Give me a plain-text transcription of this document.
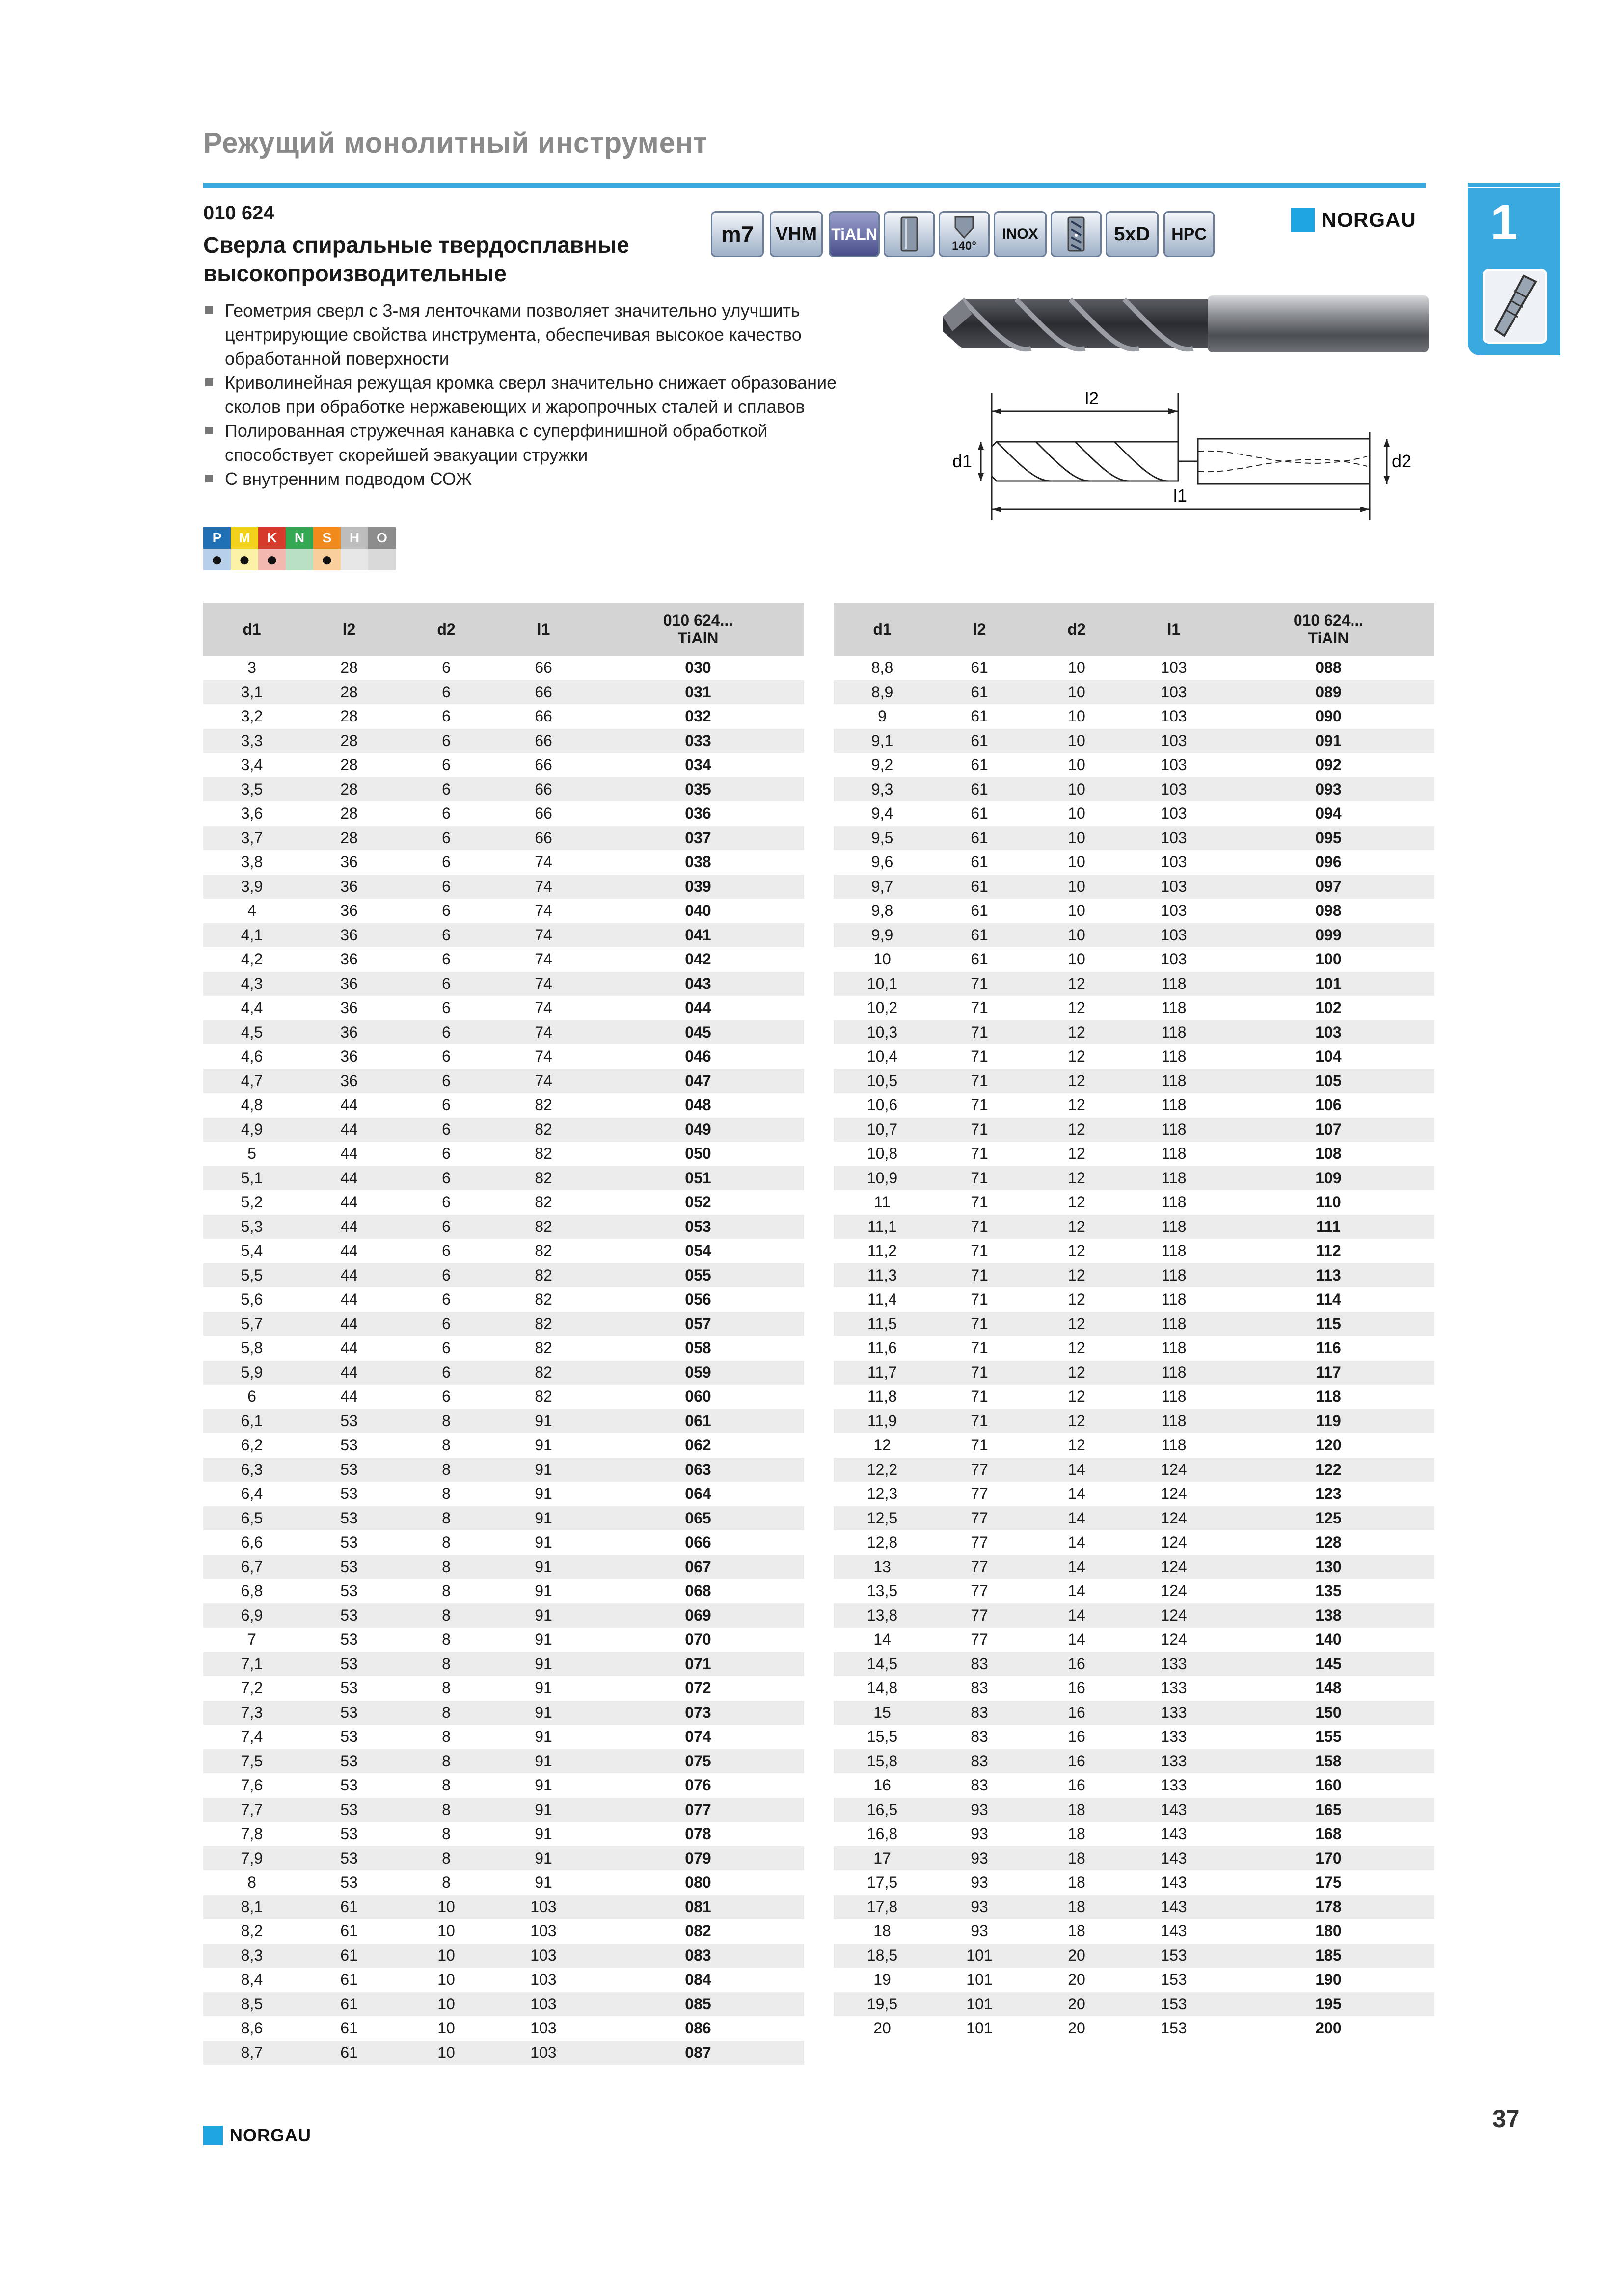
Режущий монолитный инструмент
010 624
Сверла спиральные твердосплавные высокопроизводительные
Геометрия сверл с 3-мя ленточками позволяет значительно улучшить центрирующие свойства инструмента, обеспечивая высокое качество обработанной поверхности
Криволинейная режущая кромка сверл значительно снижает образование сколов при обработке нержавеющих и жаропрочных сталей и сплавов
Полированная стружечная канавка с суперфинишной обработкой способствует скорейшей эвакуации стружки
С внутренним подводом СОЖ
m7 VHM TiALN
140°
INOX	5xD HPC
NORGAU 1
l2
l1
d1	d2
P	M	K	N	S	H	O
●	●	●		●		
d1	l2	d2	l1	010 624...
TiAlN

3	28	6	66	030
3,1	28	6	66	031
3,2	28	6	66	032
3,3	28	6	66	033
3,4	28	6	66	034
3,5	28	6	66	035
3,6	28	6	66	036
3,7	28	6	66	037
3,8	36	6	74	038
3,9	36	6	74	039
4	36	6	74	040
4,1	36	6	74	041
4,2	36	6	74	042
4,3	36	6	74	043
4,4	36	6	74	044
4,5	36	6	74	045
4,6	36	6	74	046
4,7	36	6	74	047
4,8	44	6	82	048
4,9	44	6	82	049
5	44	6	82	050
5,1	44	6	82	051
5,2	44	6	82	052
5,3	44	6	82	053
5,4	44	6	82	054
5,5	44	6	82	055
5,6	44	6	82	056
5,7	44	6	82	057
5,8	44	6	82	058
5,9	44	6	82	059
6	44	6	82	060
6,1	53	8	91	061
6,2	53	8	91	062
6,3	53	8	91	063
6,4	53	8	91	064
6,5	53	8	91	065
6,6	53	8	91	066
6,7	53	8	91	067
6,8	53	8	91	068
6,9	53	8	91	069
7	53	8	91	070
7,1	53	8	91	071
7,2	53	8	91	072
7,3	53	8	91	073
7,4	53	8	91	074
7,5	53	8	91	075
7,6	53	8	91	076
7,7	53	8	91	077
7,8	53	8	91	078
7,9	53	8	91	079
8	53	8	91	080
8,1	61	10	103	081
8,2	61	10	103	082
8,3	61	10	103	083
8,4	61	10	103	084
8,5	61	10	103	085
8,6	61	10	103	086
8,7	61	10	103	087
d1	l2	d2	l1	010 624...
TiAlN

8,8	61	10	103	088
8,9	61	10	103	089
9	61	10	103	090
9,1	61	10	103	091
9,2	61	10	103	092
9,3	61	10	103	093
9,4	61	10	103	094
9,5	61	10	103	095
9,6	61	10	103	096
9,7	61	10	103	097
9,8	61	10	103	098
9,9	61	10	103	099
10	61	10	103	100
10,1	71	12	118	101
10,2	71	12	118	102
10,3	71	12	118	103
10,4	71	12	118	104
10,5	71	12	118	105
10,6	71	12	118	106
10,7	71	12	118	107
10,8	71	12	118	108
10,9	71	12	118	109
11	71	12	118	110
11,1	71	12	118	111
11,2	71	12	118	112
11,3	71	12	118	113
11,4	71	12	118	114
11,5	71	12	118	115
11,6	71	12	118	116
11,7	71	12	118	117
11,8	71	12	118	118
11,9	71	12	118	119
12	71	12	118	120
12,2	77	14	124	122
12,3	77	14	124	123
12,5	77	14	124	125
12,8	77	14	124	128
13	77	14	124	130
13,5	77	14	124	135
13,8	77	14	124	138
14	77	14	124	140
14,5	83	16	133	145
14,8	83	16	133	148
15	83	16	133	150
15,5	83	16	133	155
15,8	83	16	133	158
16	83	16	133	160
16,5	93	18	143	165
16,8	93	18	143	168
17	93	18	143	170
17,5	93	18	143	175
17,8	93	18	143	178
18	93	18	143	180
18,5	101	20	153	185
19	101	20	153	190
19,5	101	20	153	195
20	101	20	153	200
NORGAU
37
